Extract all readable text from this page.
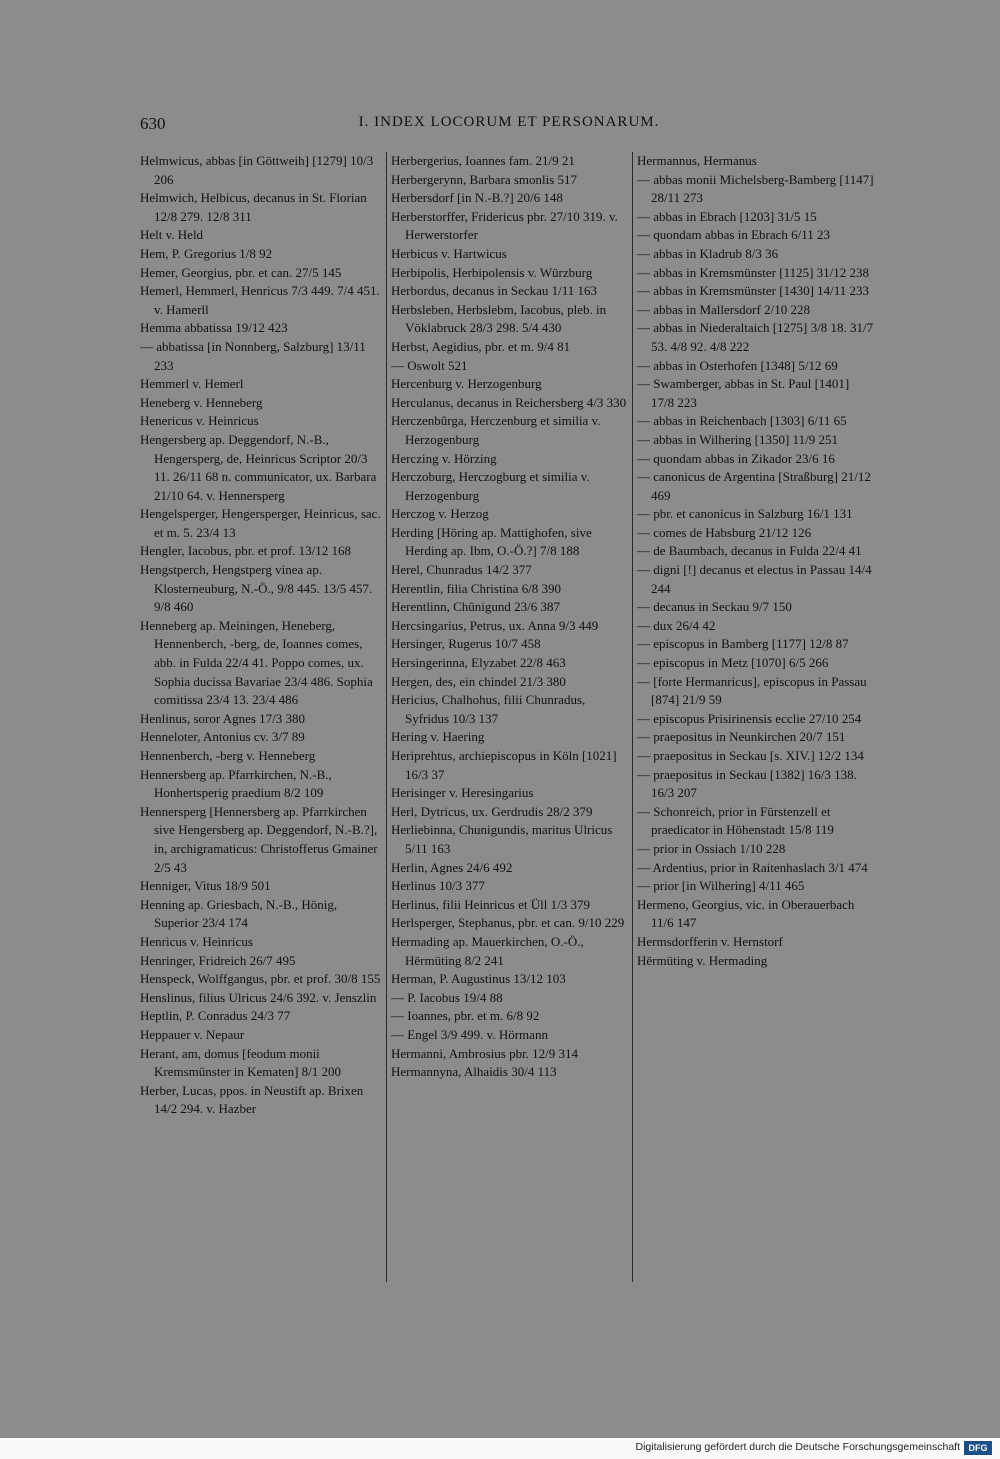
630	I. INDEX LOCORUM ET PERSONARUM.

Helmwicus, abbas [in Göttweih] [1279] 10/3 206

Helmwich, Helbicus, decanus in St. Florian 12/8 279. 12/8 311

Helt v. Held

Hem, P. Gregorius 1/8 92

Hemer, Georgius, pbr. et can. 27/5 145

Hemerl, Hemmerl, Henricus 7/3 449. 7/4 451. v. Hamerll

Hemma abbatissa 19/12 423

— abbatissa [in Nonnberg, Salzburg] 13/11 233

Hemmerl v. Hemerl

Heneberg v. Henneberg

Henericus v. Heinricus

Hengersberg ap. Deggendorf, N.-B., Hengersperg, de, Heinricus Scriptor 20/3 11. 26/11 68 n. communicator, ux. Barbara 21/10 64. v. Hennersperg

Hengelsperger, Hengersperger, Heinricus, sac. et m. 5. 23/4 13

Hengler, Iacobus, pbr. et prof. 13/12 168

Hengstperch, Hengstperg vinea ap. Klosterneuburg, N.-Ö., 9/8 445. 13/5 457. 9/8 460

Henneberg ap. Meiningen, Heneberg, Hennenberch, -berg, de, Ioannes comes, abb. in Fulda 22/4 41. Poppo comes, ux. Sophia ducissa Bavariae 23/4 486. Sophia comitissa 23/4 13. 23/4 486

Henlinus, soror Agnes 17/3 380

Henneloter, Antonius cv. 3/7 89

Hennenberch, -berg v. Henneberg

Hennersberg ap. Pfarrkirchen, N.-B., Honhertsperig praedium 8/2 109

Hennersperg [Hennersberg ap. Pfarrkirchen sive Hengersberg ap. Deggendorf, N.-B.?], in, archigramaticus: Christofferus Gmainer 2/5 43

Henniger, Vitus 18/9 501

Henning ap. Griesbach, N.-B., Hönig, Superior 23/4 174

Henricus v. Heinricus

Henringer, Fridreich 26/7 495

Henspeck, Wolffgangus, pbr. et prof. 30/8 155

Henslinus, filius Ulricus 24/6 392. v. Jenszlin

Heptlin, P. Conradus 24/3 77

Heppauer v. Nepaur

Herant, am, domus [feodum monii Kremsmünster in Kematen] 8/1 200

Herber, Lucas, ppos. in Neustift ap. Brixen 14/2 294. v. Hazber

Herbergerius, Ioannes fam. 21/9 21

Herbergerynn, Barbara smonlis 517

Herbersdorf [in N.-B.?] 20/6 148

Herberstorffer, Fridericus pbr. 27/10 319. v. Herwerstorfer

Herbicus v. Hartwicus

Herbipolis, Herbipolensis v. Würzburg

Herbordus, decanus in Seckau 1/11 163

Herbsleben, Herbslebm, Iacobus, pleb. in Vöklabruck 28/3 298. 5/4 430

Herbst, Aegidius, pbr. et m. 9/4 81

— Oswolt 521

Hercenburg v. Herzogenburg

Herculanus, decanus in Reichersberg 4/3 330

Herczenbûrga, Herczenburg et similia v. Herzogenburg

Herczing v. Hörzing

Herczoburg, Herczogburg et similia v. Herzogenburg

Herczog v. Herzog

Herding [Höring ap. Mattighofen, sive Herding ap. Ibm, O.-Ö.?] 7/8 188

Herel, Chunradus 14/2 377

Herentlin, filia Christina 6/8 390

Herentlinn, Chûnigund 23/6 387

Hercsingarius, Petrus, ux. Anna 9/3 449

Hersinger, Rugerus 10/7 458

Hersingerinna, Elyzabet 22/8 463

Hergen, des, ein chindel 21/3 380

Hericius, Chalhohus, filii Chunradus, Syfridus 10/3 137

Hering v. Haering

Heriprehtus, archiepiscopus in Köln [1021] 16/3 37

Herisinger v. Heresingarius

Herl, Dytricus, ux. Gerdrudis 28/2 379

Herliebinna, Chunigundis, maritus Ulricus 5/11 163

Herlin, Agnes 24/6 492

Herlinus 10/3 377

Herlinus, filii Heinricus et Üll 1/3 379

Herlsperger, Stephanus, pbr. et can. 9/10 229

Hermading ap. Mauerkirchen, O.-Ö., Hërmüting 8/2 241

Herman, P. Augustinus 13/12 103

— P. Iacobus 19/4 88

— Ioannes, pbr. et m. 6/8 92

— Engel 3/9 499. v. Hörmann

Hermanni, Ambrosius pbr. 12/9 314

Hermannyna, Alhaidis 30/4 113

Hermannus, Hermanus

— abbas monii Michelsberg-Bamberg [1147] 28/11 273

— abbas in Ebrach [1203] 31/5 15

— quondam abbas in Ebrach 6/11 23

— abbas in Kladrub 8/3 36

— abbas in Kremsmünster [1125] 31/12 238

— abbas in Kremsmünster [1430] 14/11 233

— abbas in Mallersdorf 2/10 228

— abbas in Niederaltaich [1275] 3/8 18. 31/7 53. 4/8 92. 4/8 222

— abbas in Osterhofen [1348] 5/12 69

— Swamberger, abbas in St. Paul [1401] 17/8 223

— abbas in Reichenbach [1303] 6/11 65

— abbas in Wilhering [1350] 11/9 251

— quondam abbas in Zikador 23/6 16

— canonicus de Argentina [Straßburg] 21/12 469

— pbr. et canonicus in Salzburg 16/1 131

— comes de Habsburg 21/12 126

— de Baumbach, decanus in Fulda 22/4 41

— digni [!] decanus et electus in Passau 14/4 244

— decanus in Seckau 9/7 150

— dux 26/4 42

— episcopus in Bamberg [1177] 12/8 87

— episcopus in Metz [1070] 6/5 266

— [forte Hermanricus], episcopus in Passau [874] 21/9 59

— episcopus Prisirinensis ecclie 27/10 254

— praepositus in Neunkirchen 20/7 151

— praepositus in Seckau [s. XIV.] 12/2 134

— praepositus in Seckau [1382] 16/3 138. 16/3 207

— Schonreich, prior in Fürstenzell et praedicator in Höhenstadt 15/8 119

— prior in Ossiach 1/10 228

— Ardentius, prior in Raitenhaslach 3/1 474

— prior [in Wilhering] 4/11 465

Hermeno, Georgius, vic. in Oberauerbach 11/6 147

Hermsdorfferin v. Hernstorf

Hërmüting v. Hermading

Digitalisierung gefördert durch die Deutsche Forschungsgemeinschaft DFG
